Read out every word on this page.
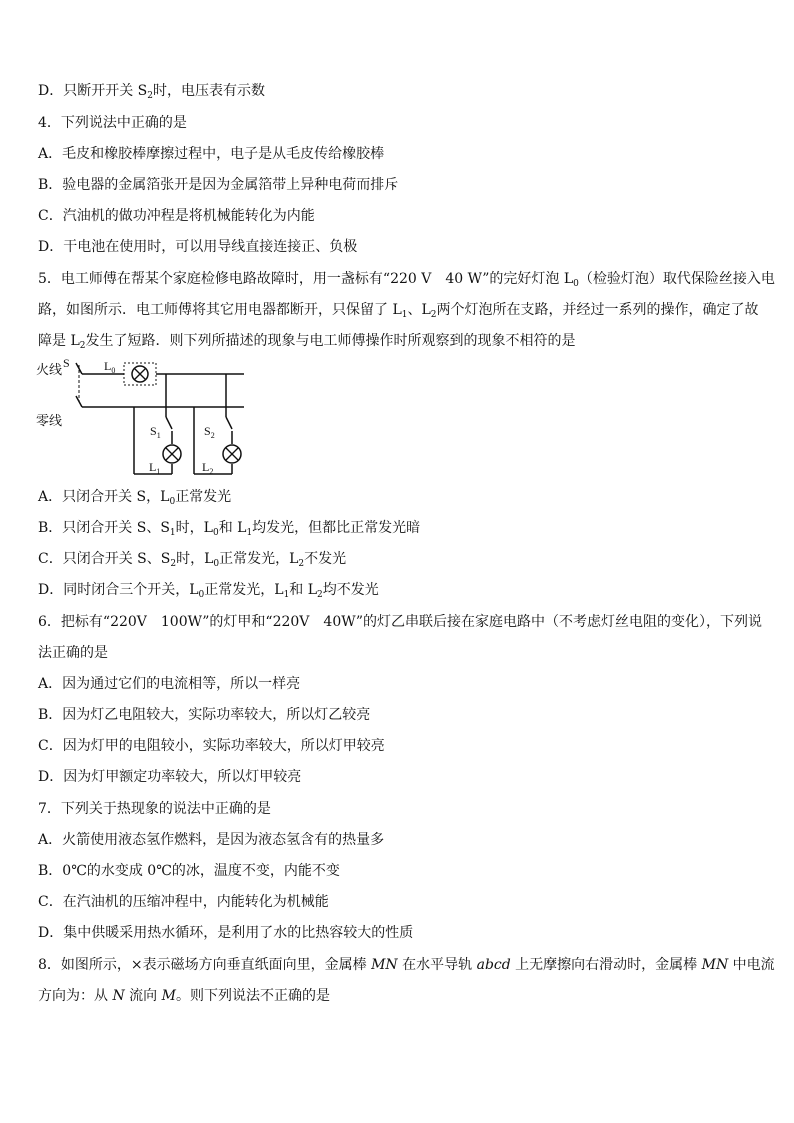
D．只断开开关 $S_2$时，电压表有示数
4．下列说法中正确的是
A．毛皮和橡胶棒摩擦过程中，电子是从毛皮传给橡胶棒
B．验电器的金属箔张开是因为金属箔带上异种电荷而排斥
C．汽油机的做功冲程是将机械能转化为内能
D．干电池在使用时，可以用导线直接连接正、负极
5．电工师傅在帮某个家庭检修电路故障时，用一盏标有“220 V　40 W”的完好灯泡 $L_0$（检验灯泡）取代保险丝接入电
路，如图所示．电工师傅将其它用电器都断开，只保留了 $L_1$、$L_2$两个灯泡所在支路，并经过一系列的操作，确定了故
障是 $L_2$发生了短路．则下列所描述的现象与电工师傅操作时所观察到的现象不相符的是
火线
零线
S	$L_0$
$S_1$	$S_2$
$L_1$	$L_2$
A．只闭合开关 S，$L_0$正常发光
B．只闭合开关 S、$S_1$时，$L_0$和 $L_1$均发光，但都比正常发光暗
C．只闭合开关 S、$S_2$时，$L_0$正常发光，$L_2$不发光
D．同时闭合三个开关，$L_0$正常发光，$L_1$和 $L_2$均不发光
6．把标有“220V　100W”的灯甲和“220V　40W”的灯乙串联后接在家庭电路中（不考虑灯丝电阻的变化），下列说
法正确的是
A．因为通过它们的电流相等，所以一样亮
B．因为灯乙电阻较大，实际功率较大，所以灯乙较亮
C．因为灯甲的电阻较小，实际功率较大，所以灯甲较亮
D．因为灯甲额定功率较大，所以灯甲较亮
7．下列关于热现象的说法中正确的是
A．火箭使用液态氢作燃料，是因为液态氢含有的热量多
B．0℃的水变成 0℃的冰，温度不变，内能不变
C．在汽油机的压缩冲程中，内能转化为机械能
D．集中供暖采用热水循环，是利用了水的比热容较大的性质
8．如图所示，×表示磁场方向垂直纸面向里，金属棒 MN 在水平导轨 abcd 上无摩擦向右滑动时，金属棒 MN 中电流
方向为：从 N 流向 M。则下列说法不正确的是
